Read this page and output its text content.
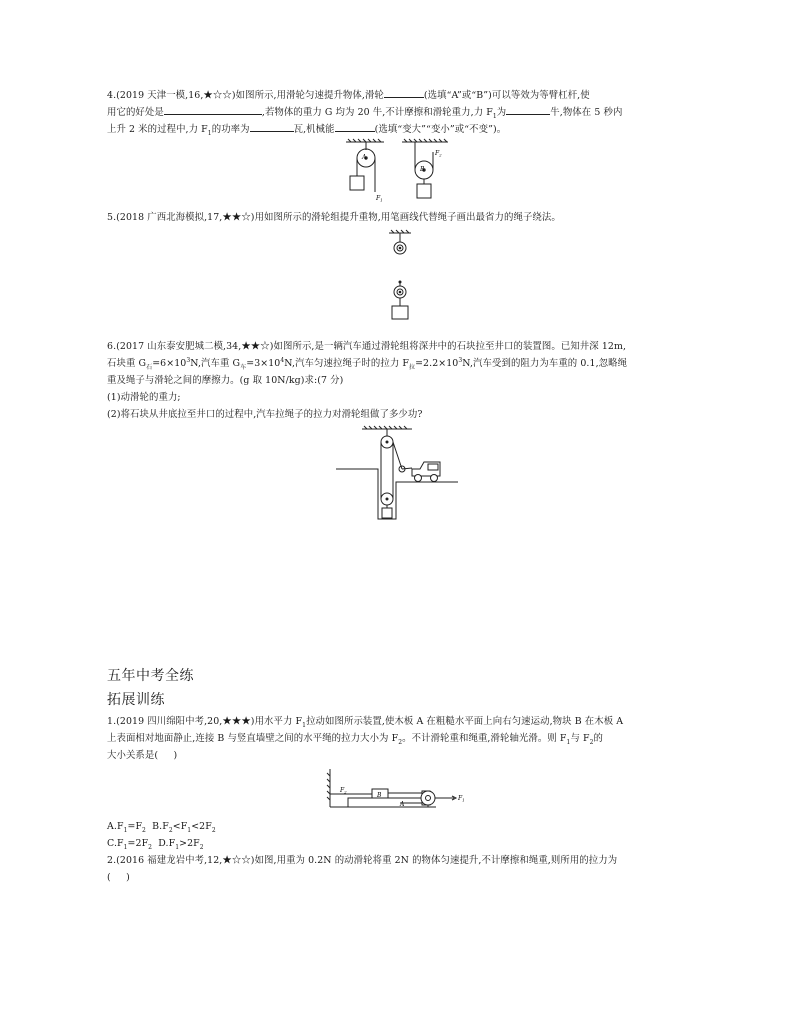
4.(2019 天津一模,16,★☆☆)如图所示,用滑轮匀速提升物体,滑轮	(选填“A”或“B”)可以等效为等臂杠杆,使

用它的好处是	,若物体的重力 G 均为 20 牛,不计摩擦和滑轮重力,力 $F_1$为	牛,物体在 5 秒内

上升 2 米的过程中,力 $F_1$的功率为	瓦,机械能	(选填“变大”“变小”或“不变”)。

A
$F_1$
B
$F_2$

5.(2018 广西北海模拟,17,★★☆)用如图所示的滑轮组提升重物,用笔画线代替绳子画出最省力的绳子绕法。

6.(2017 山东泰安肥城二模,34,★★☆)如图所示,是一辆汽车通过滑轮组将深井中的石块拉至井口的装置图。已知井深 12m,

石块重 $G_石=6\times 10^3N$,汽车重 $G_车=3\times 10^4N$,汽车匀速拉绳子时的拉力 $F_拉=2.2\times 10^3N$,汽车受到的阻力为车重的 0.1,忽略绳

重及绳子与滑轮之间的摩擦力。(g 取 10N/kg)求:(7 分)

(1)动滑轮的重力;

(2)将石块从井底拉至井口的过程中,汽车拉绳子的拉力对滑轮组做了多少功?

五年中考全练
拓展训练

1.(2019 四川绵阳中考,20,★★★)用水平力 $F_1$拉动如图所示装置,使木板 A 在粗糙水平面上向右匀速运动,物块 B 在木板 A

上表面相对地面静止,连接 B 与竖直墙壁之间的水平绳的拉力大小为 $F_2$。不计滑轮重和绳重,滑轮轴光滑。则 $F_1$与 $F_2$的

大小关系是(     )

B
A
$F_2$
$F_1$

$A.F_1=F_2$  $B.F_2<F_1<2F_2$

$C.F_1=2F_2$  $D.F_1>2F_2$

2.(2016 福建龙岩中考,12,★☆☆)如图,用重为 0.2N 的动滑轮将重 2N 的物体匀速提升,不计摩擦和绳重,则所用的拉力为

(     )
